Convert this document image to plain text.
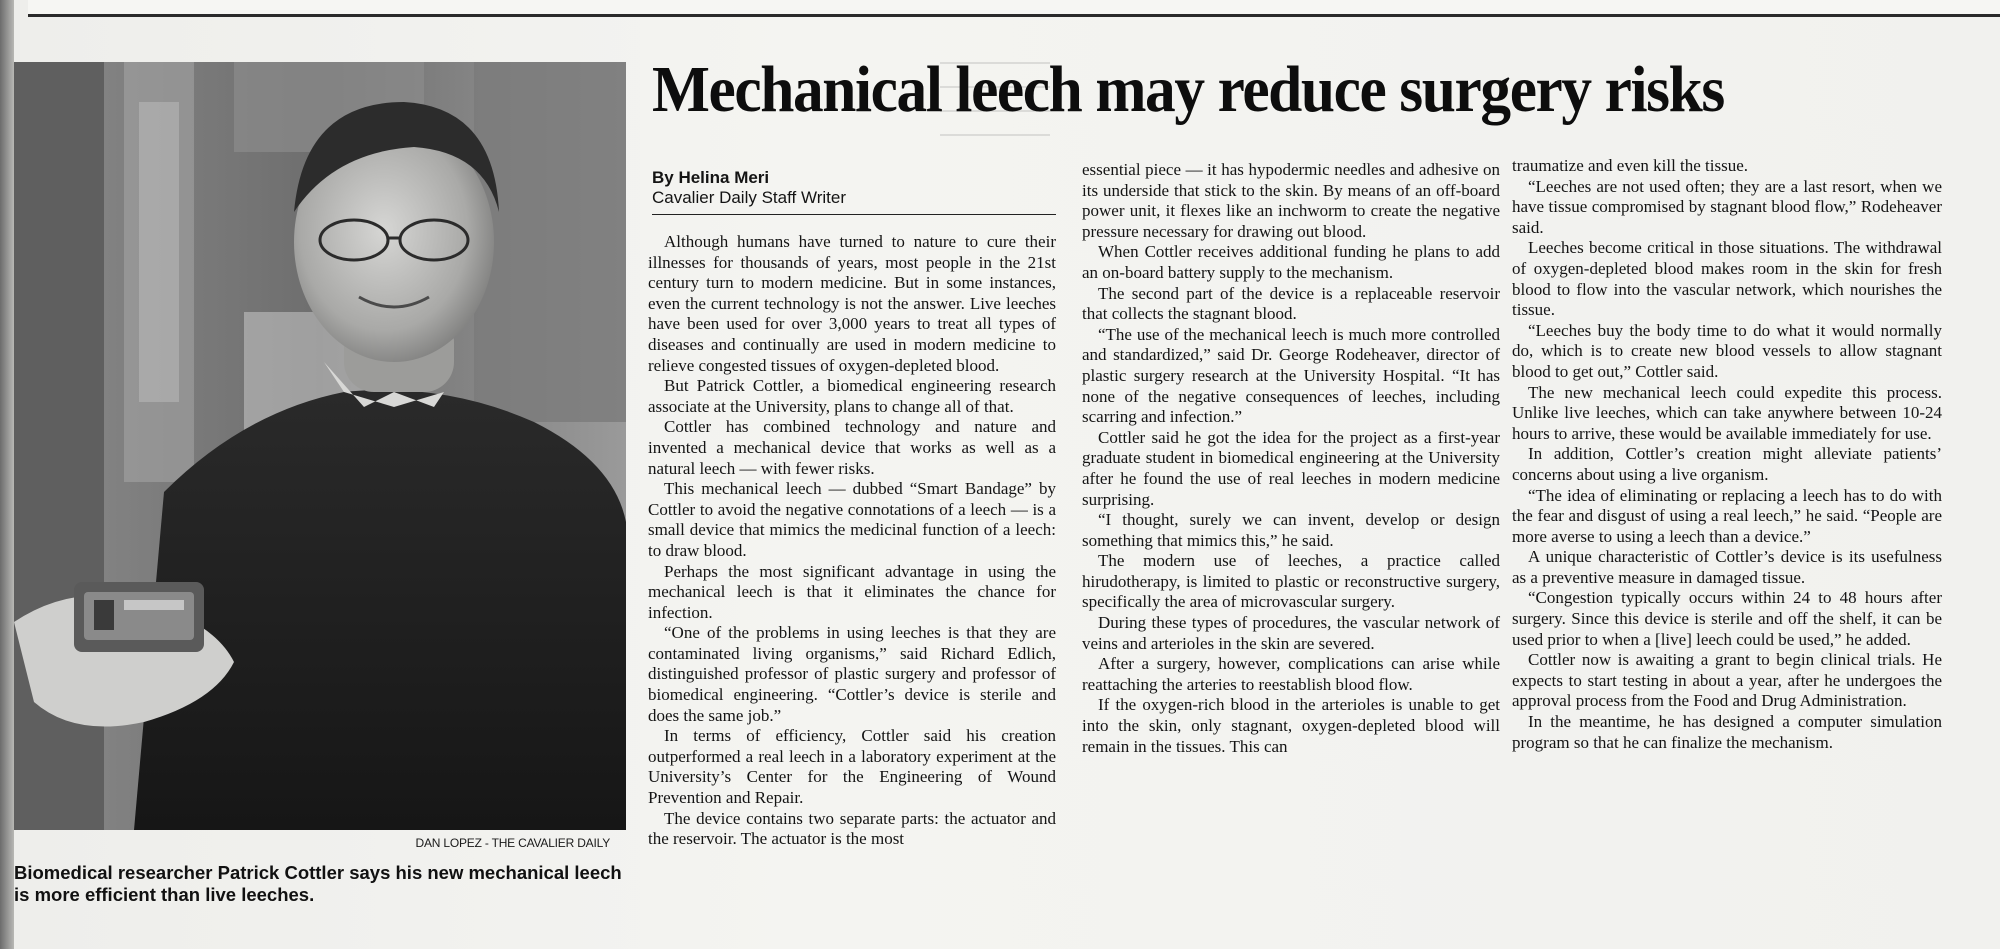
DAN LOPEZ - THE CAVALIER DAILY
Biomedical researcher Patrick Cottler says his new mechanical leech is more efficient than live leeches.
Mechanical leech may reduce surgery risks
By Helina Meri
Cavalier Daily Staff Writer

Although humans have turned to nature to cure their illnesses for thousands of years, most people in the 21st century turn to modern medicine. But in some instances, even the current technology is not the answer. Live leeches have been used for over 3,000 years to treat all types of diseases and continually are used in modern medicine to relieve congested tissues of oxygen-depleted blood.

But Patrick Cottler, a biomedical engineering research associate at the University, plans to change all of that.

Cottler has combined technology and nature and invented a mechanical device that works as well as a natural leech — with fewer risks.

This mechanical leech — dubbed “Smart Bandage” by Cottler to avoid the negative connotations of a leech — is a small device that mimics the medicinal function of a leech: to draw blood.

Perhaps the most significant advantage in using the mechanical leech is that it eliminates the chance for infection.

“One of the problems in using leeches is that they are contaminated living organisms,” said Richard Edlich, distinguished professor of plastic surgery and professor of biomedical engineering. “Cottler’s device is sterile and does the same job.”

In terms of efficiency, Cottler said his creation outperformed a real leech in a laboratory experiment at the University’s Center for the Engineering of Wound Prevention and Repair.

The device contains two separate parts: the actuator and the reservoir. The actuator is the most

essential piece — it has hypodermic needles and adhesive on its underside that stick to the skin. By means of an off-board power unit, it flexes like an inchworm to create the negative pressure necessary for drawing out blood.

When Cottler receives additional funding he plans to add an on-board battery supply to the mechanism.

The second part of the device is a replaceable reservoir that collects the stagnant blood.

“The use of the mechanical leech is much more controlled and standardized,” said Dr. George Rodeheaver, director of plastic surgery research at the University Hospital. “It has none of the negative consequences of leeches, including scarring and infection.”

Cottler said he got the idea for the project as a first-year graduate student in biomedical engineering at the University after he found the use of real leeches in modern medicine surprising.

“I thought, surely we can invent, develop or design something that mimics this,” he said.

The modern use of leeches, a practice called hirudotherapy, is limited to plastic or reconstructive surgery, specifically the area of microvascular surgery.

During these types of procedures, the vascular network of veins and arterioles in the skin are severed.

After a surgery, however, complications can arise while reattaching the arteries to reestablish blood flow.

If the oxygen-rich blood in the arterioles is unable to get into the skin, only stagnant, oxygen-depleted blood will remain in the tissues. This can

traumatize and even kill the tissue.

“Leeches are not used often; they are a last resort, when we have tissue compromised by stagnant blood flow,” Rodeheaver said.

Leeches become critical in those situations. The withdrawal of oxygen-depleted blood makes room in the skin for fresh blood to flow into the vascular network, which nourishes the tissue.

“Leeches buy the body time to do what it would normally do, which is to create new blood vessels to allow stagnant blood to get out,” Cottler said.

The new mechanical leech could expedite this process. Unlike live leeches, which can take anywhere between 10-24 hours to arrive, these would be available immediately for use.

In addition, Cottler’s creation might alleviate patients’ concerns about using a live organism.

“The idea of eliminating or replacing a leech has to do with the fear and disgust of using a real leech,” he said. “People are more averse to using a leech than a device.”

A unique characteristic of Cottler’s device is its usefulness as a preventive measure in damaged tissue.

“Congestion typically occurs within 24 to 48 hours after surgery. Since this device is sterile and off the shelf, it can be used prior to when a [live] leech could be used,” he added.

Cottler now is awaiting a grant to begin clinical trials. He expects to start testing in about a year, after he undergoes the approval process from the Food and Drug Administration.

In the meantime, he has designed a computer simulation program so that he can finalize the mechanism.
